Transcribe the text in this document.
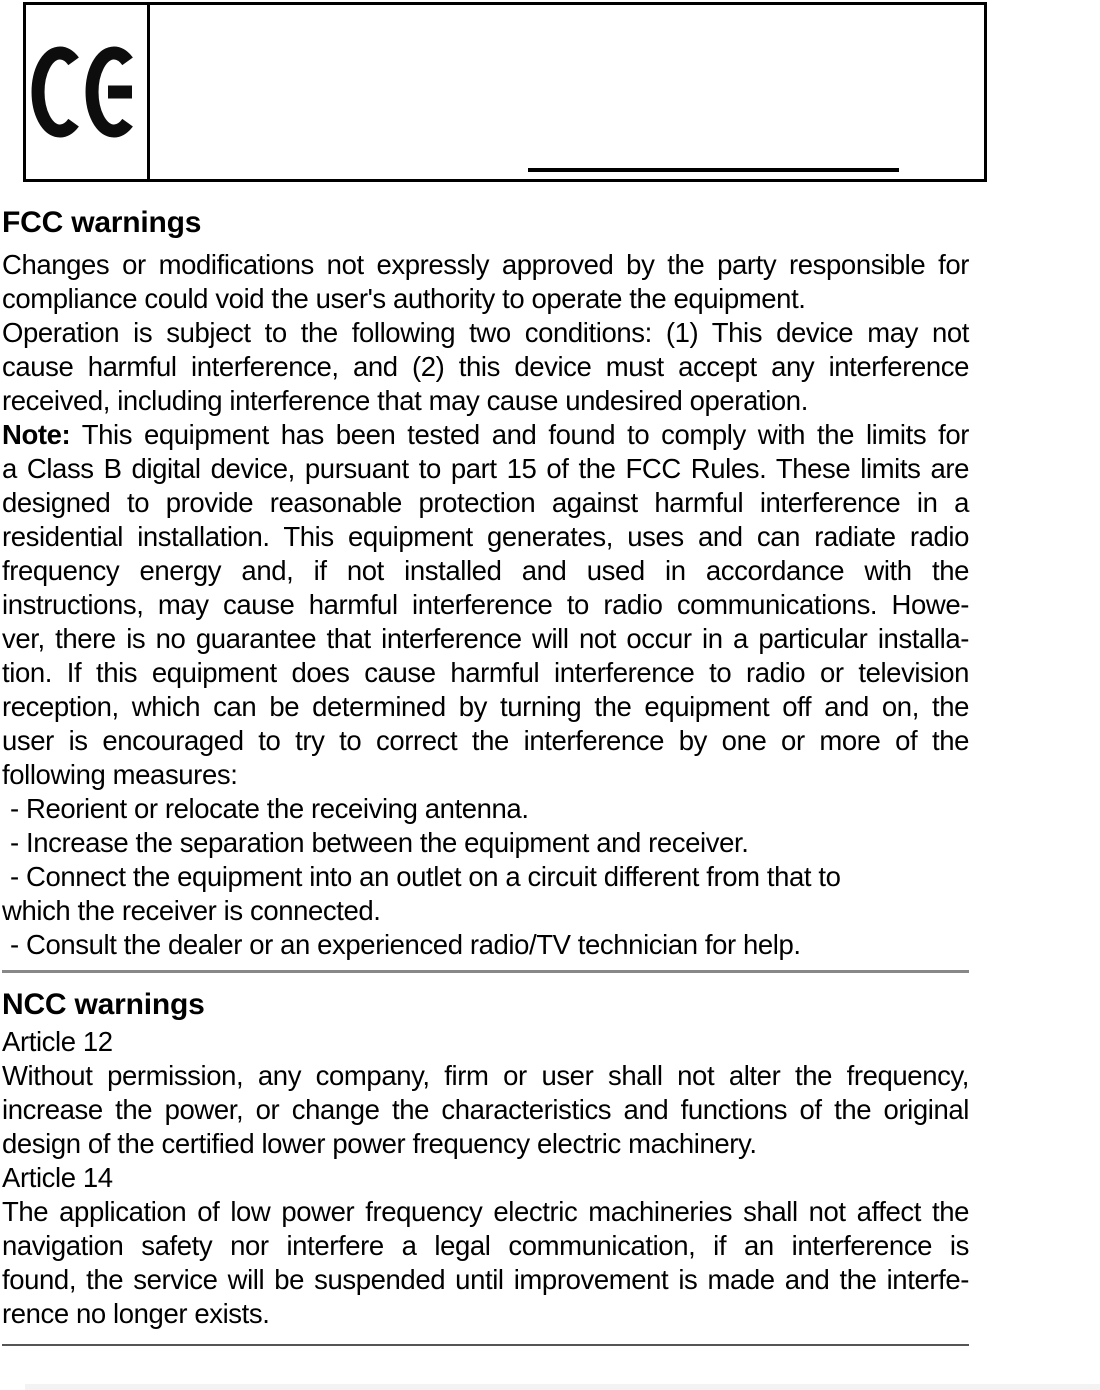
FCC warnings
Changes or modifications not expressly approved by the party responsible for
compliance could void the user's authority to operate the equipment.
Operation is subject to the following two conditions: (1) This device may not
cause harmful interference, and (2) this device must accept any interference
received, including interference that may cause undesired operation.
Note: This equipment has been tested and found to comply with the limits for
a Class B digital device, pursuant to part 15 of the FCC Rules. These limits are
designed to provide reasonable protection against harmful interference in a
residential installation. This equipment generates, uses and can radiate radio
frequency energy and, if not installed and used in accordance with the
instructions, may cause harmful interference to radio communications. Howe-
ver, there is no guarantee that interference will not occur in a particular installa-
tion. If this equipment does cause harmful interference to radio or television
reception, which can be determined by turning the equipment off and on, the
user is encouraged to try to correct the interference by one or more of the
following measures:
- Reorient or relocate the receiving antenna.
- Increase the separation between the equipment and receiver.
- Connect the equipment into an outlet on a circuit different from that to
which the receiver is connected.
- Consult the dealer or an experienced radio/TV technician for help.
NCC warnings
Article 12
Without permission, any company, firm or user shall not alter the frequency,
increase the power, or change the characteristics and functions of the original
design of the certified lower power frequency electric machinery.
Article 14
The application of low power frequency electric machineries shall not affect the
navigation safety nor interfere a legal communication, if an interference is
found, the service will be suspended until improvement is made and the interfe-
rence no longer exists.
